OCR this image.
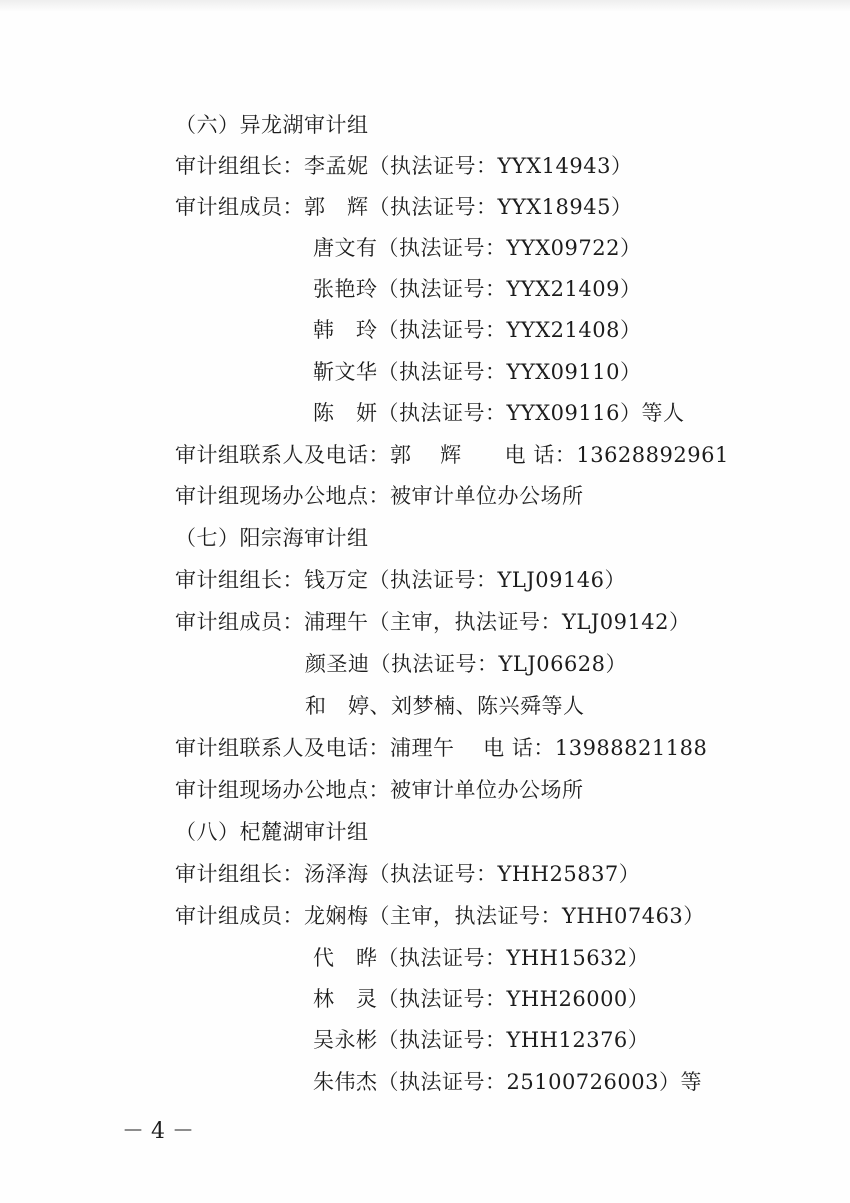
（六）异龙湖审计组
审计组组长：李孟妮（执法证号：YYX14943）
审计组成员：郭　辉（执法证号：YYX18945）
唐文有（执法证号：YYX09722）
张艳玲（执法证号：YYX21409）
韩　玲（执法证号：YYX21408）
靳文华（执法证号：YYX09110）
陈　妍（执法证号：YYX09116）等人
审计组联系人及电话：郭　 辉　　电 话：13628892961
审计组现场办公地点：被审计单位办公场所
（七）阳宗海审计组
审计组组长：钱万定（执法证号：YLJ09146）
审计组成员：浦理午（主审，执法证号：YLJ09142）
颜圣迪（执法证号：YLJ06628）
和　婷、刘梦楠、陈兴舜等人
审计组联系人及电话：浦理午　 电 话：13988821188
审计组现场办公地点：被审计单位办公场所
（八）杞麓湖审计组
审计组组长：汤泽海（执法证号：YHH25837）
审计组成员：龙娴梅（主审，执法证号：YHH07463）
代　晔（执法证号：YHH15632）
林　灵（执法证号：YHH26000）
吴永彬（执法证号：YHH12376）
朱伟杰（执法证号：25100726003）等
－ 4 －
